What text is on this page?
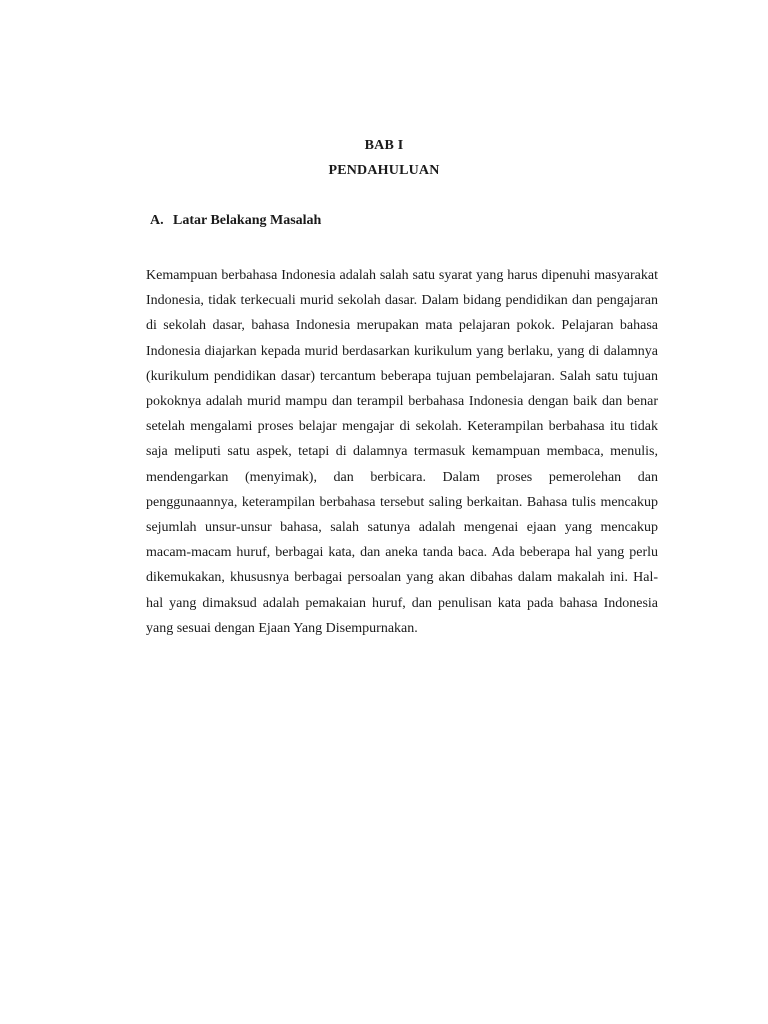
BAB I
PENDAHULUAN
A. Latar Belakang Masalah

Kemampuan berbahasa Indonesia adalah salah satu syarat yang harus dipenuhi masyarakat Indonesia, tidak terkecuali murid sekolah dasar. Dalam bidang pendidikan dan pengajaran di sekolah dasar, bahasa Indonesia merupakan mata pelajaran pokok. Pelajaran bahasa Indonesia diajarkan kepada murid berdasarkan kurikulum yang berlaku, yang di dalamnya (kurikulum pendidikan dasar) tercantum beberapa tujuan pembelajaran. Salah satu tujuan pokoknya adalah murid mampu dan terampil berbahasa Indonesia dengan baik dan benar setelah mengalami proses belajar mengajar di sekolah. Keterampilan berbahasa itu tidak saja meliputi satu aspek, tetapi di dalamnya termasuk kemampuan membaca, menulis, mendengarkan (menyimak), dan berbicara. Dalam proses pemerolehan dan penggunaannya, keterampilan berbahasa tersebut saling berkaitan. Bahasa tulis mencakup sejumlah unsur-unsur bahasa, salah satunya adalah mengenai ejaan yang mencakup macam-macam huruf, berbagai kata, dan aneka tanda baca. Ada beberapa hal yang perlu dikemukakan, khususnya berbagai persoalan yang akan dibahas dalam makalah ini. Hal-hal yang dimaksud adalah pemakaian huruf, dan penulisan kata pada bahasa Indonesia yang sesuai dengan Ejaan Yang Disempurnakan.
